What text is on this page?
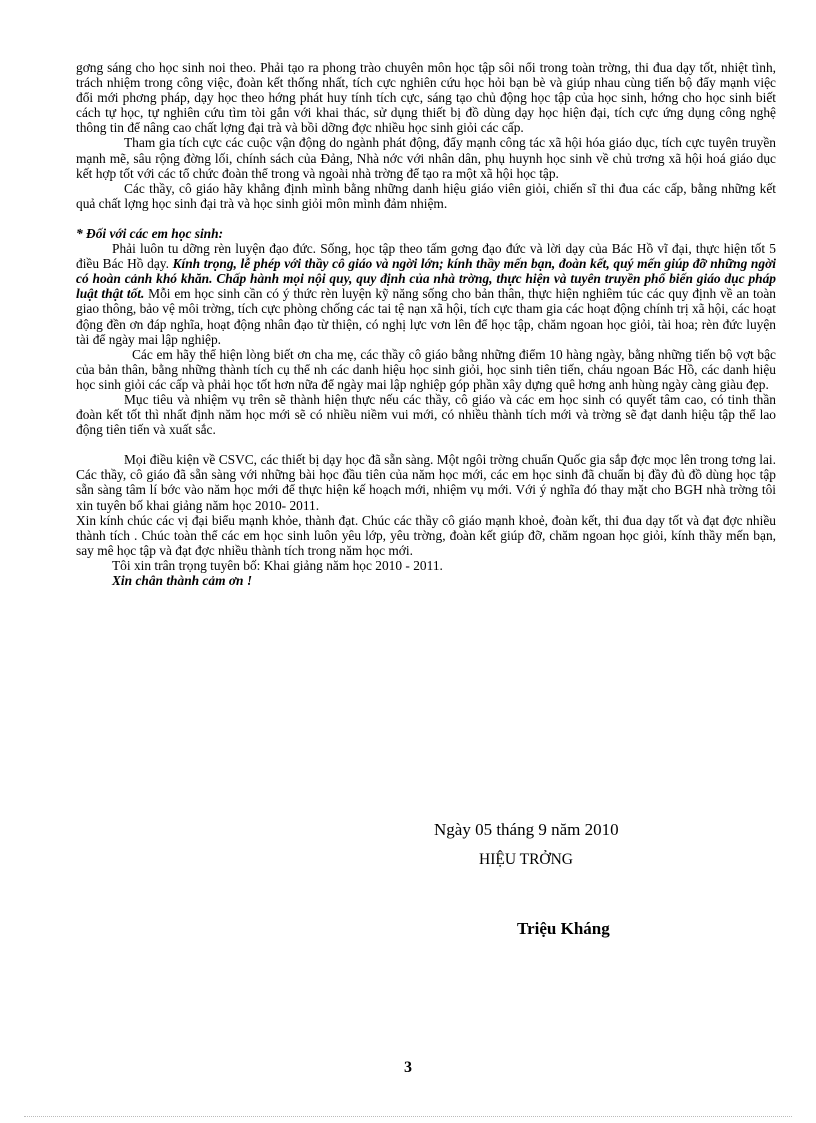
gơng sáng cho học sinh noi theo. Phải tạo ra phong trào chuyên môn học tập sôi nổi trong toàn trờng, thi đua dạy tốt, nhiệt tình, trách nhiệm trong công việc, đoàn kết thống nhất, tích cực nghiên cứu học hỏi bạn bè và giúp nhau cùng tiến bộ đẩy mạnh việc đổi mới phơng pháp, dạy học theo hớng phát huy tính tích cực, sáng tạo chủ động học tập của học sinh, hớng cho học sinh biết cách tự học, tự nghiên cứu tìm tòi gắn với khai thác, sử dụng thiết bị đồ dùng dạy học hiện đại, tích cực ứng dụng công nghệ thông tin để nâng cao chất lợng đại trà và bồi dỡng đợc nhiều học sinh giỏi các cấp.

Tham gia tích cực các cuộc vận động do ngành phát động, đẩy mạnh công tác xã hội hóa giáo dục, tích cực tuyên truyền mạnh mẽ, sâu rộng đờng lối, chính sách của Đảng, Nhà nớc với nhân dân, phụ huynh học sinh về chủ trơng xã hội hoá giáo dục kết hợp tốt với các tổ chức đoàn thể trong và ngoài nhà trờng để tạo ra một xã hội học tập.

Các thầy, cô giáo hãy khẳng định mình bằng những danh hiệu giáo viên giỏi, chiến sĩ thi đua các cấp, bằng những kết quả chất lợng học sinh đại trà và học sinh giỏi môn mình đảm nhiệm.

* Đối với các em học sinh:

Phải luôn tu dỡng rèn luyện đạo đức. Sống, học tập theo tấm gơng đạo đức và lời dạy của Bác Hồ vĩ đại, thực hiện tốt 5 điều Bác Hồ dạy. Kính trọng, lễ phép với thầy cô giáo và ngời lớn; kính thầy mến bạn, đoàn kết, quý mến giúp đỡ những ngời có hoàn cảnh khó khăn. Chấp hành mọi nội quy, quy định của nhà trờng, thực hiện và tuyên truyền phổ biến giáo dục pháp luật thật tốt. Mỗi em học sinh cần có ý thức rèn luyện kỹ năng sống cho bản thân, thực hiện nghiêm túc các quy định về an toàn giao thông, bảo vệ môi trờng, tích cực phòng chống các tai tệ nạn xã hội, tích cực tham gia các hoạt động chính trị xã hội, các hoạt động đền ơn đáp nghĩa, hoạt động nhân đạo từ thiện, có nghị lực vơn lên để học tập, chăm ngoan học giỏi, tài hoa; rèn đức luyện tài để ngày mai lập nghiệp.

Các em hãy thể hiện lòng biết ơn cha mẹ, các thầy cô giáo bằng những điểm 10 hàng ngày, bằng những tiến bộ vợt bậc của bản thân, bằng những thành tích cụ thể nh các danh hiệu học sinh giỏi, học sinh tiên tiến, cháu ngoan Bác Hồ, các danh hiệu học sinh giỏi các cấp và phải học tốt hơn nữa để ngày mai lập nghiệp góp phần xây dựng quê hơng anh hùng ngày càng giàu đẹp.

Mục tiêu và nhiệm vụ trên sẽ thành hiện thực nếu các thầy, cô giáo và các em học sinh có quyết tâm cao, có tinh thần đoàn kết tốt thì nhất định năm học mới sẽ có nhiều niềm vui mới, có nhiều thành tích mới và trờng sẽ đạt danh hiệu tập thể lao động tiên tiến và xuất sắc.

Mọi điều kiện về CSVC, các thiết bị dạy học đã sẵn sàng. Một ngôi trờng chuẩn Quốc gia sắp đợc mọc lên trong tơng lai. Các thầy, cô giáo đã sẵn sàng với những bài học đầu tiên của năm học mới, các em học sinh đã chuẩn bị đầy đủ đồ dùng học tập sẵn sàng tâm lí bớc vào năm học mới để thực hiện kế hoạch mới, nhiệm vụ mới. Với ý nghĩa đó thay mặt cho BGH nhà trờng tôi xin tuyên bố khai giảng năm học 2010- 2011.

Xin kính chúc các vị đại biểu mạnh khỏe, thành đạt. Chúc các thầy cô giáo mạnh khoẻ, đoàn kết, thi đua dạy tốt và đạt đợc nhiều thành tích . Chúc toàn thể các em học sinh luôn yêu lớp, yêu trờng, đoàn kết giúp đỡ, chăm ngoan học giỏi, kính thầy mến bạn, say mê học tập và đạt đợc nhiều thành tích trong năm học mới.

Tôi xin trân trọng tuyên bố: Khai giảng năm học 2010 - 2011.

Xin chân thành cảm ơn !

Ngày 05 tháng 9 năm 2010
HIỆU TRỞNG
Triệu Kháng
3
